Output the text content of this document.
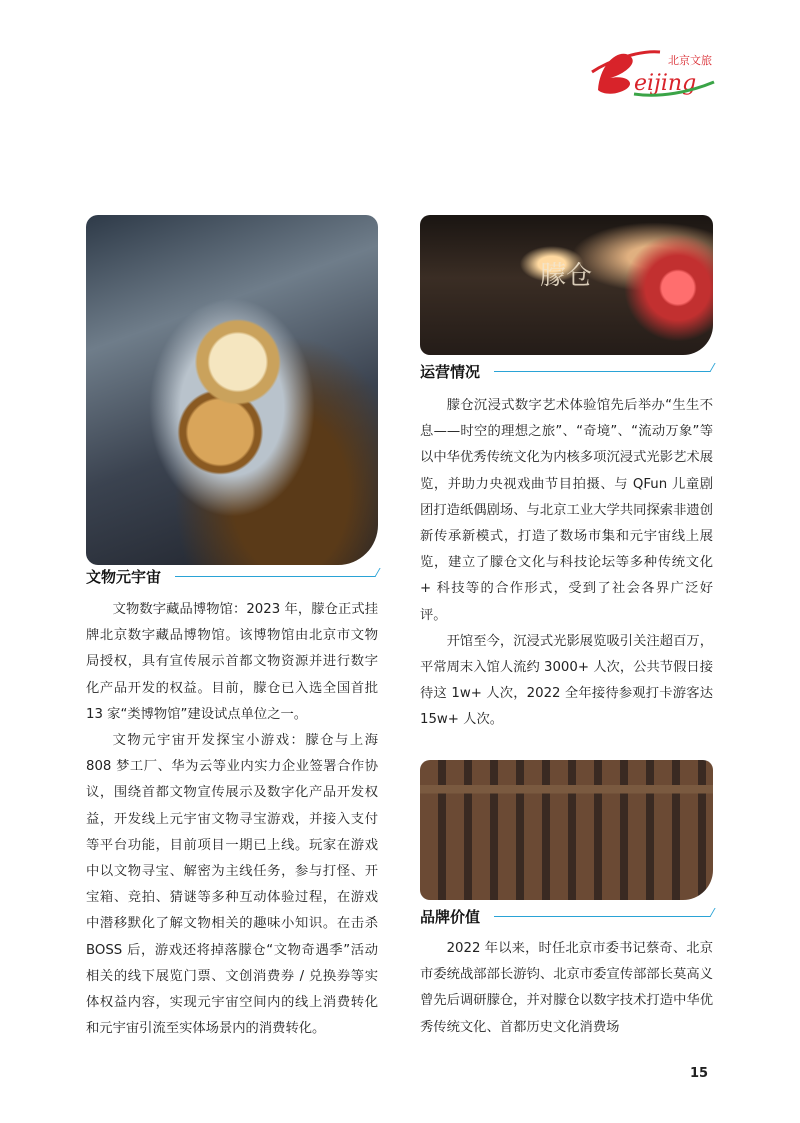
eijing
北京文旅
朦仓
文物元宇宙

文物数字藏品博物馆：2023 年，朦仓正式挂牌北京数字藏品博物馆。该博物馆由北京市文物局授权，具有宣传展示首都文物资源并进行数字化产品开发的权益。目前，朦仓已入选全国首批 13 家“类博物馆”建设试点单位之一。

文物元宇宙开发探宝小游戏：朦仓与上海 808 梦工厂、华为云等业内实力企业签署合作协议，围绕首都文物宣传展示及数字化产品开发权益，开发线上元宇宙文物寻宝游戏，并接入支付等平台功能，目前项目一期已上线。玩家在游戏中以文物寻宝、解密为主线任务，参与打怪、开宝箱、竞拍、猜谜等多种互动体验过程，在游戏中潜移默化了解文物相关的趣味小知识。在击杀 BOSS 后，游戏还将掉落朦仓“文物奇遇季”活动相关的线下展览门票、文创消费券 / 兑换券等实体权益内容，实现元宇宙空间内的线上消费转化和元宇宙引流至实体场景内的消费转化。

运营情况

朦仓沉浸式数字艺术体验馆先后举办“生生不息——时空的理想之旅”、“奇境”、“流动万象”等以中华优秀传统文化为内核多项沉浸式光影艺术展览，并助力央视戏曲节目拍摄、与 QFun 儿童剧团打造纸偶剧场、与北京工业大学共同探索非遗创新传承新模式，打造了数场市集和元宇宙线上展览，建立了朦仓文化与科技论坛等多种传统文化 + 科技等的合作形式，受到了社会各界广泛好评。

开馆至今，沉浸式光影展览吸引关注超百万，平常周末入馆人流约 3000+ 人次，公共节假日接待这 1w+ 人次，2022 全年接待参观打卡游客达 15w+ 人次。

品牌价值

2022 年以来，时任北京市委书记蔡奇、北京市委统战部部长游钧、北京市委宣传部部长莫高义曾先后调研朦仓，并对朦仓以数字技术打造中华优秀传统文化、首都历史文化消费场

15
